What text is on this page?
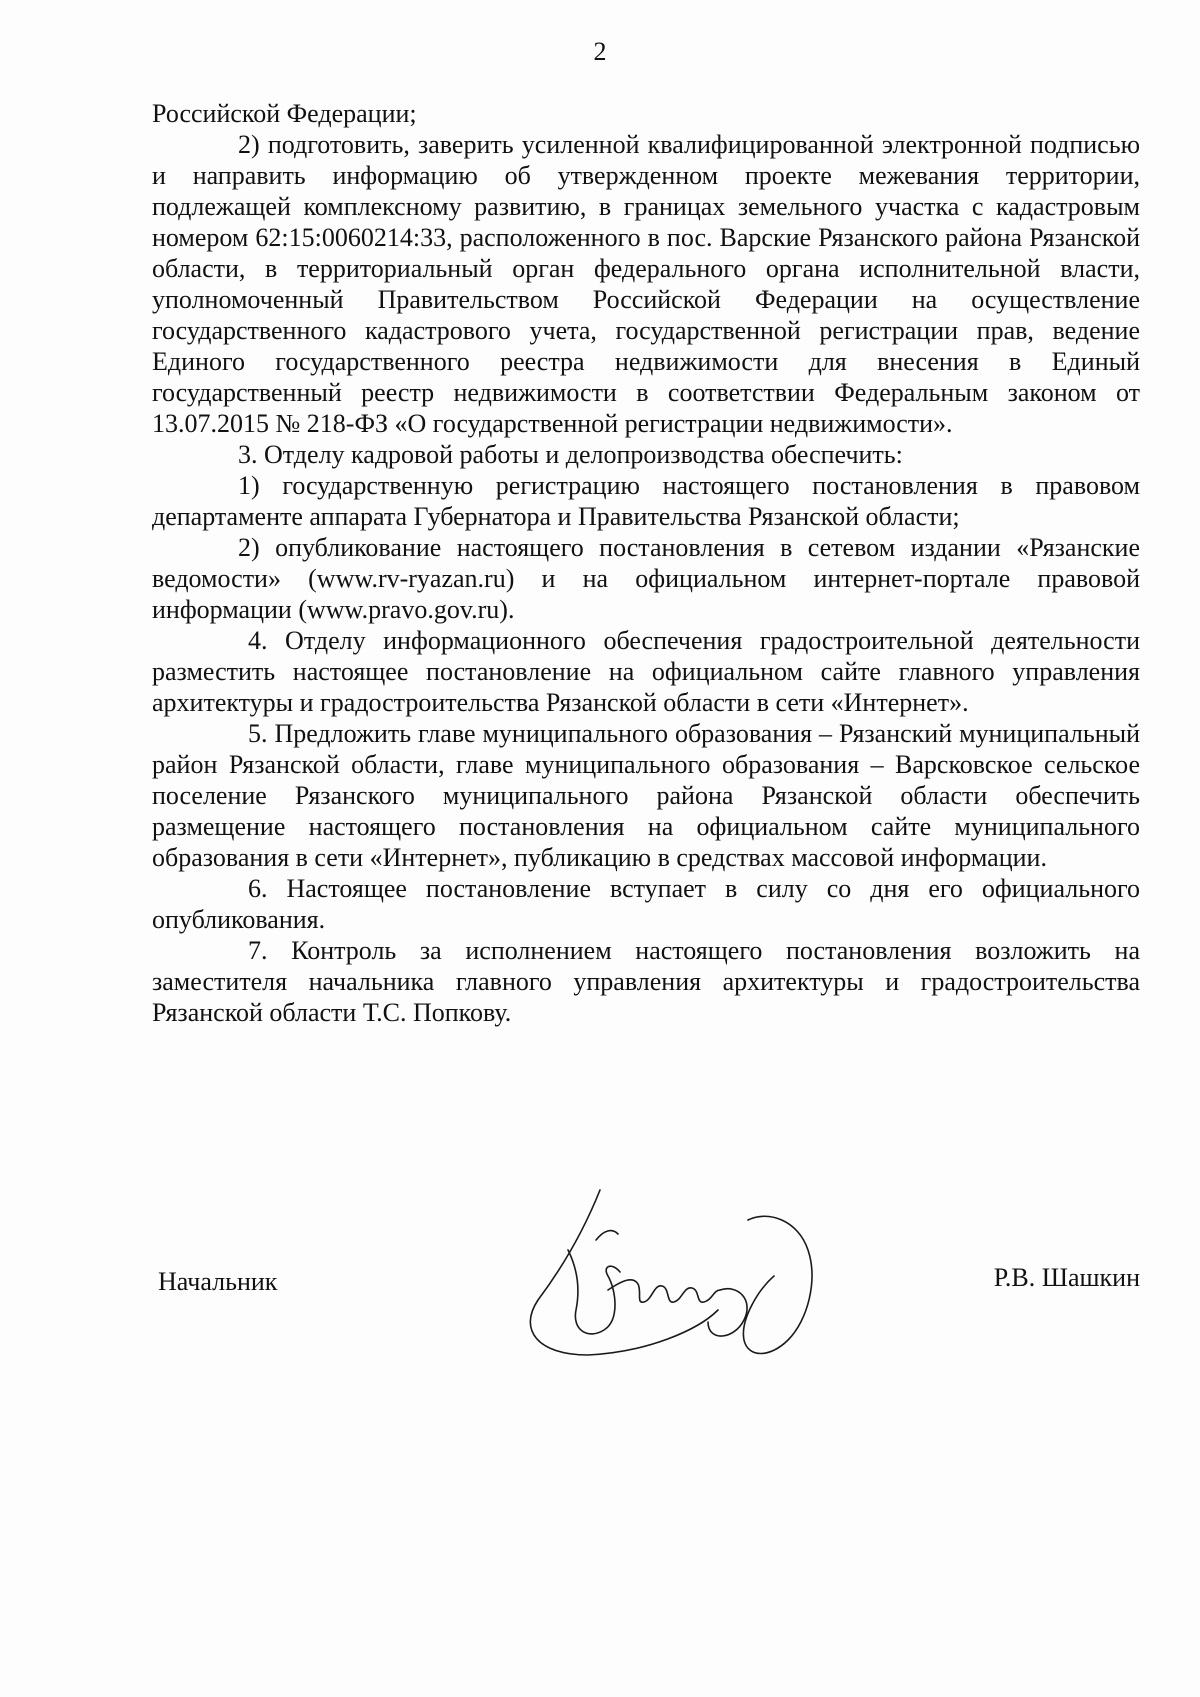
2

Российской Федерации;

2) подготовить, заверить усиленной квалифицированной электронной подписью и направить информацию об утвержденном проекте межевания территории, подлежащей комплексному развитию, в границах земельного участка с кадастровым номером 62:15:0060214:33, расположенного в пос. Варские Рязанского района Рязанской области, в территориальный орган федерального органа исполнительной власти, уполномоченный Правительством Российской Федерации на осуществление государственного кадастрового учета, государственной регистрации прав, ведение Единого государственного реестра недвижимости для внесения в Единый государственный реестр недвижимости в соответствии Федеральным законом от 13.07.2015 № 218-ФЗ «О государственной регистрации недвижимости».

3. Отделу кадровой работы и делопроизводства обеспечить:

1) государственную регистрацию настоящего постановления в правовом департаменте аппарата Губернатора и Правительства Рязанской области;

2) опубликование настоящего постановления в сетевом издании «Рязанские ведомости» (www.rv-ryazan.ru) и на официальном интернет-портале правовой информации (www.pravo.gov.ru).

4. Отделу информационного обеспечения градостроительной деятельности разместить настоящее постановление на официальном сайте главного управления архитектуры и градостроительства Рязанской области в сети «Интернет».

5. Предложить главе муниципального образования – Рязанский муниципальный район Рязанской области, главе муниципального образования – Варсковское сельское поселение Рязанского муниципального района Рязанской области обеспечить размещение настоящего постановления на официальном сайте муниципального образования в сети «Интернет», публикацию в средствах массовой информации.

6. Настоящее постановление вступает в силу со дня его официального опубликования.

7. Контроль за исполнением настоящего постановления возложить на заместителя начальника главного управления архитектуры и градостроительства Рязанской области Т.С. Попкову.

Начальник	Р.В. Шашкин
